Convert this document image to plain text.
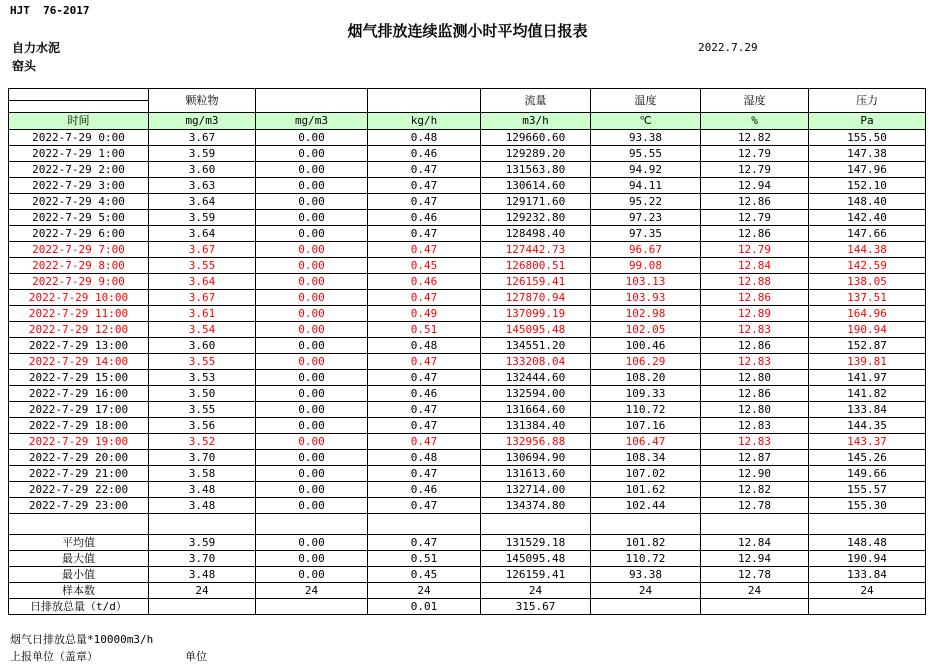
HJT  76-2017
烟气排放连续监测小时平均值日报表
自力水泥
窑头
2022.7.29
	颗粒物			流量	温度	湿度	压力

时间	mg/m3	mg/m3	kg/h	m3/h	℃	%	Pa
2022-7-29 0:00	3.67	0.00	0.48	129660.60	93.38	12.82	155.50
2022-7-29 1:00	3.59	0.00	0.46	129289.20	95.55	12.79	147.38
2022-7-29 2:00	3.60	0.00	0.47	131563.80	94.92	12.79	147.96
2022-7-29 3:00	3.63	0.00	0.47	130614.60	94.11	12.94	152.10
2022-7-29 4:00	3.64	0.00	0.47	129171.60	95.22	12.86	148.40
2022-7-29 5:00	3.59	0.00	0.46	129232.80	97.23	12.79	142.40
2022-7-29 6:00	3.64	0.00	0.47	128498.40	97.35	12.86	147.66
2022-7-29 7:00	3.67	0.00	0.47	127442.73	96.67	12.79	144.38
2022-7-29 8:00	3.55	0.00	0.45	126800.51	99.08	12.84	142.59
2022-7-29 9:00	3.64	0.00	0.46	126159.41	103.13	12.88	138.05
2022-7-29 10:00	3.67	0.00	0.47	127870.94	103.93	12.86	137.51
2022-7-29 11:00	3.61	0.00	0.49	137099.19	102.98	12.89	164.96
2022-7-29 12:00	3.54	0.00	0.51	145095.48	102.05	12.83	190.94
2022-7-29 13:00	3.60	0.00	0.48	134551.20	100.46	12.86	152.87
2022-7-29 14:00	3.55	0.00	0.47	133208.04	106.29	12.83	139.81
2022-7-29 15:00	3.53	0.00	0.47	132444.60	108.20	12.80	141.97
2022-7-29 16:00	3.50	0.00	0.46	132594.00	109.33	12.86	141.82
2022-7-29 17:00	3.55	0.00	0.47	131664.60	110.72	12.80	133.84
2022-7-29 18:00	3.56	0.00	0.47	131384.40	107.16	12.83	144.35
2022-7-29 19:00	3.52	0.00	0.47	132956.88	106.47	12.83	143.37
2022-7-29 20:00	3.70	0.00	0.48	130694.90	108.34	12.87	145.26
2022-7-29 21:00	3.58	0.00	0.47	131613.60	107.02	12.90	149.66
2022-7-29 22:00	3.48	0.00	0.46	132714.00	101.62	12.82	155.57
2022-7-29 23:00	3.48	0.00	0.47	134374.80	102.44	12.78	155.30

平均值	3.59	0.00	0.47	131529.18	101.82	12.84	148.48
最大值	3.70	0.00	0.51	145095.48	110.72	12.94	190.94
最小值	3.48	0.00	0.45	126159.41	93.38	12.78	133.84
样本数	24	24	24	24	24	24	24
日排放总量（t/d）			0.01	315.67			
烟气日排放总量*10000m3/h
上报单位（盖章）	单位
